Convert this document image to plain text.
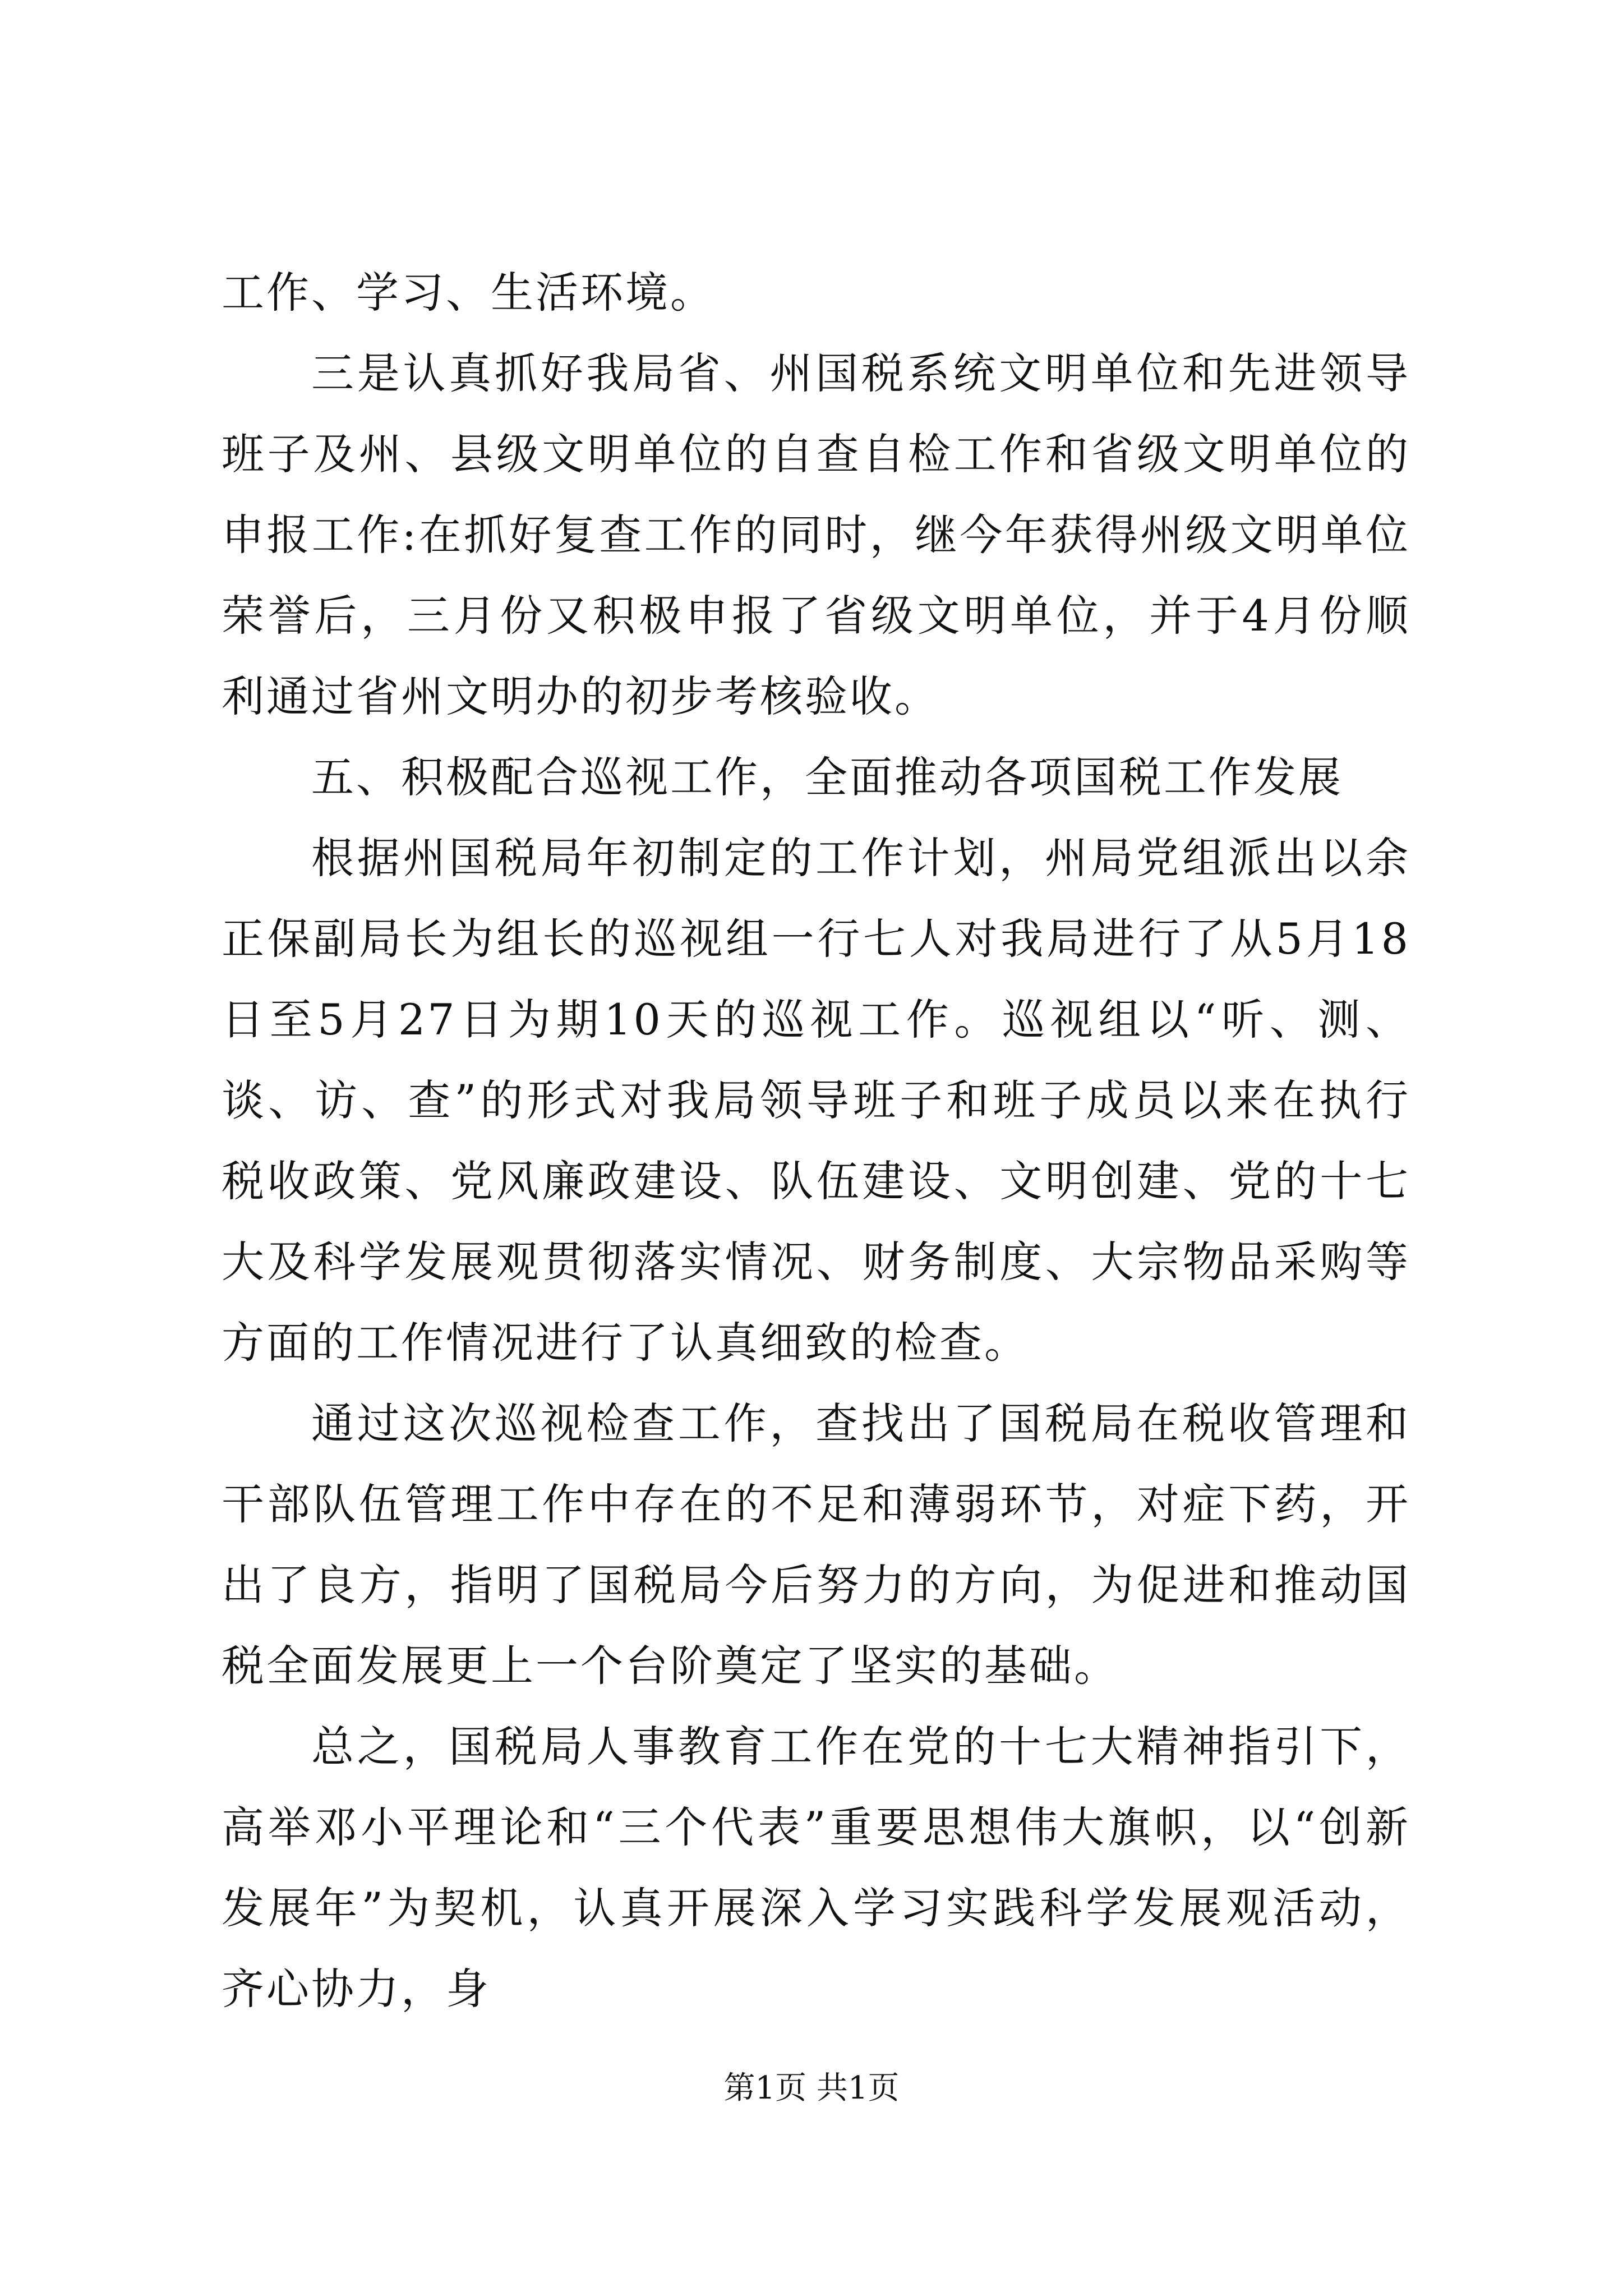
工作、学习、生活环境。

三是认真抓好我局省、州国税系统文明单位和先进领导班子及州、县级文明单位的自查自检工作和省级文明单位的申报工作:在抓好复查工作的同时，继今年获得州级文明单位荣誉后，三月份又积极申报了省级文明单位，并于4月份顺利通过省州文明办的初步考核验收。

五、积极配合巡视工作，全面推动各项国税工作发展

根据州国税局年初制定的工作计划，州局党组派出以余正保副局长为组长的巡视组一行七人对我局进行了从5月18日至5月27日为期10天的巡视工作。巡视组以“听、测、谈、访、查”的形式对我局领导班子和班子成员以来在执行税收政策、党风廉政建设、队伍建设、文明创建、党的十七大及科学发展观贯彻落实情况、财务制度、大宗物品采购等方面的工作情况进行了认真细致的检查。

通过这次巡视检查工作，查找出了国税局在税收管理和干部队伍管理工作中存在的不足和薄弱环节，对症下药，开出了良方，指明了国税局今后努力的方向，为促进和推动国税全面发展更上一个台阶奠定了坚实的基础。

总之，国税局人事教育工作在党的十七大精神指引下，高举邓小平理论和“三个代表”重要思想伟大旗帜，以“创新发展年”为契机，认真开展深入学习实践科学发展观活动，齐心协力，身

第1页 共1页
